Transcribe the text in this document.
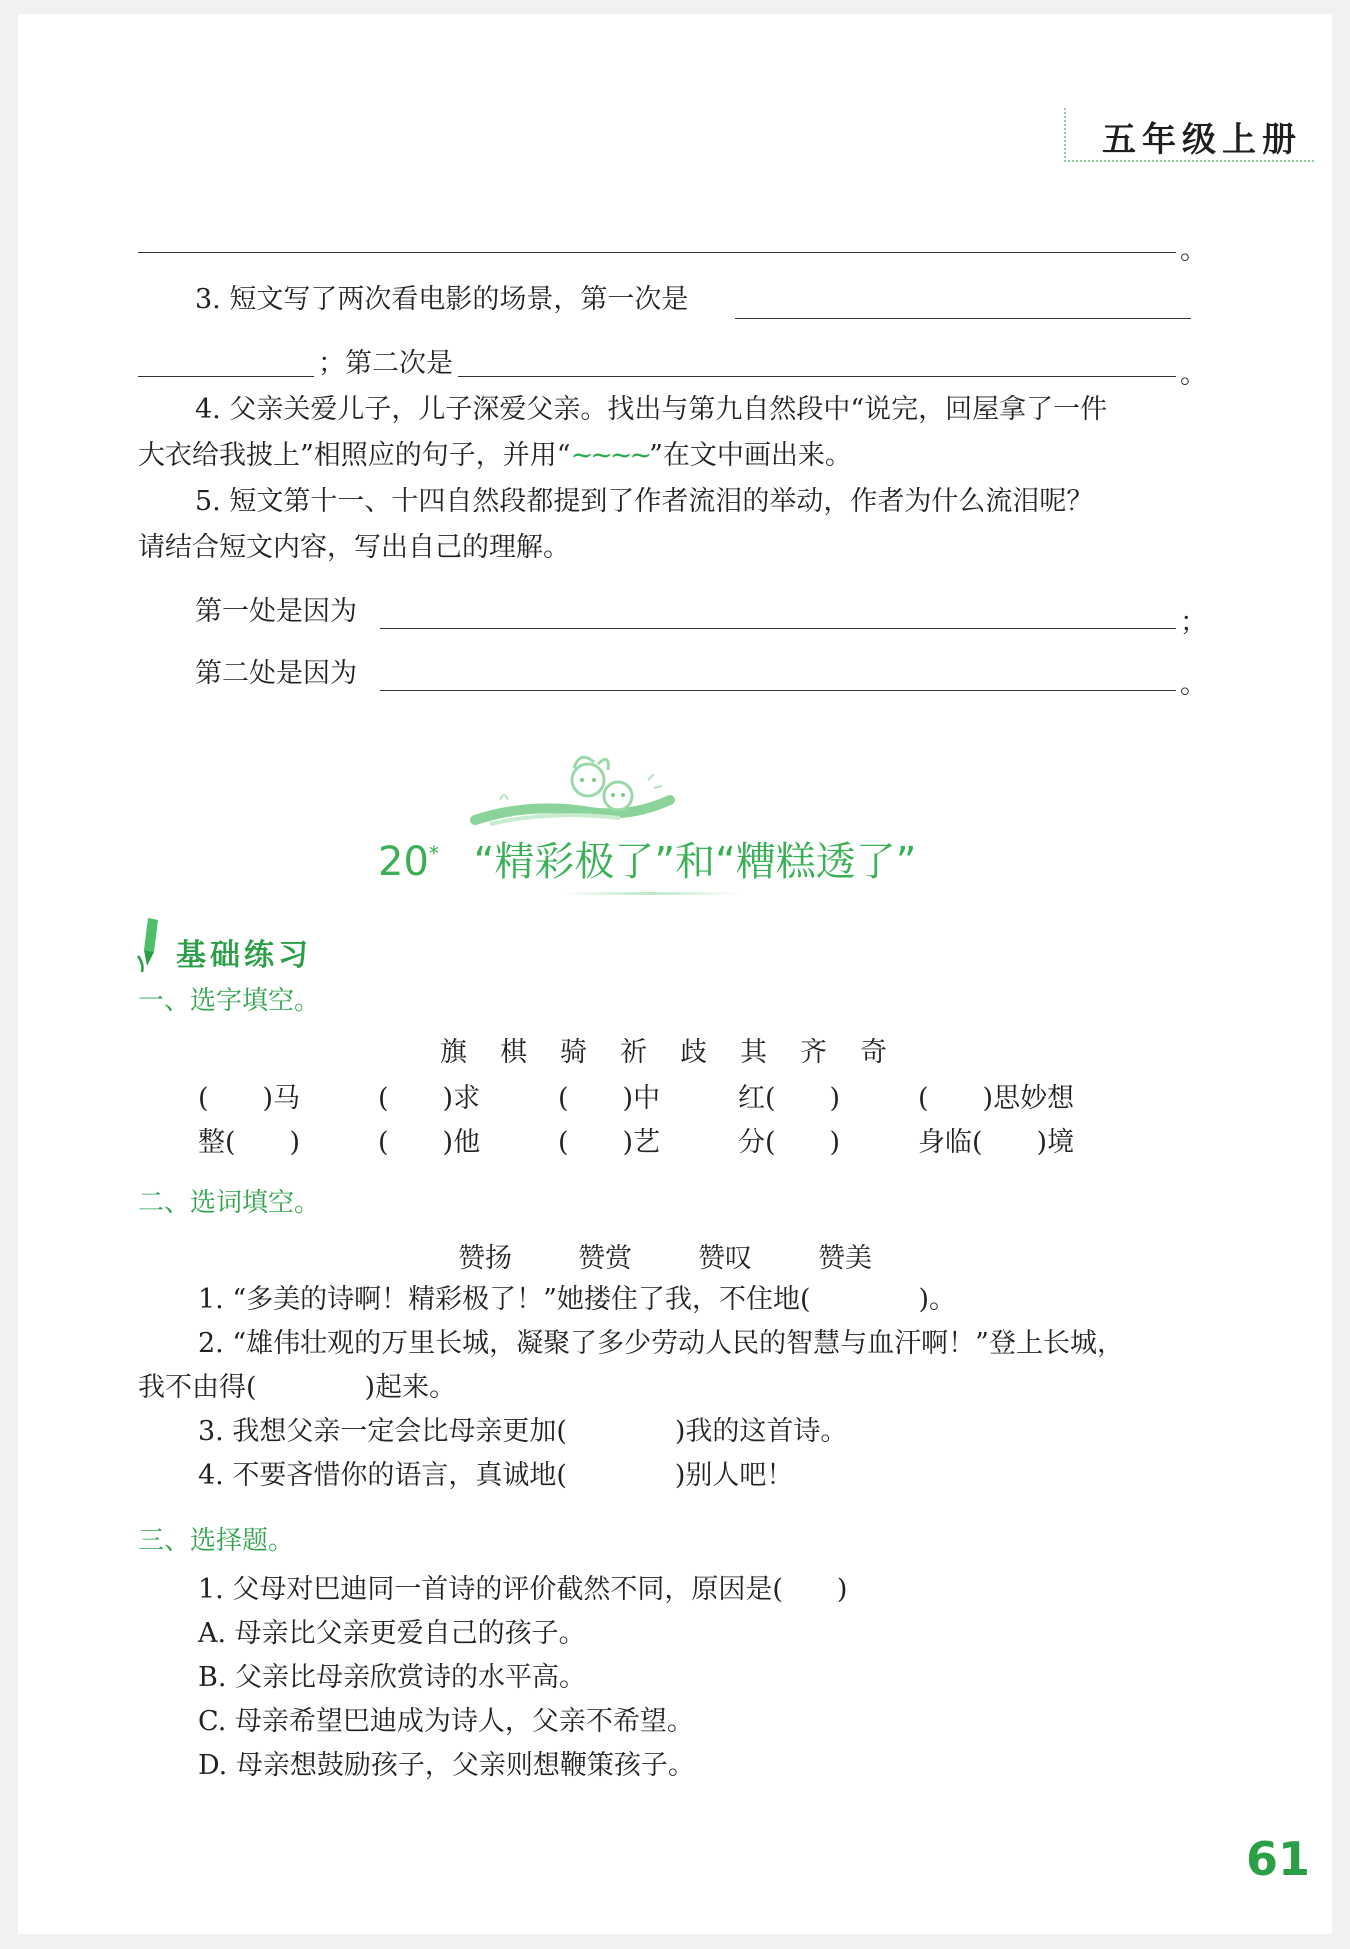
五年级上册
。
3. 短文写了两次看电影的场景，第一次是
；第二次是	。
4. 父亲关爱儿子，儿子深爱父亲。找出与第九自然段中“说完，回屋拿了一件
大衣给我披上”相照应的句子，并用“~~~~”在文中画出来。
5. 短文第十一、十四自然段都提到了作者流泪的举动，作者为什么流泪呢？
请结合短文内容，写出自己的理解。
第一处是因为	；
第二处是因为	。
20* “精彩极了”和“糟糕透了”
基础练习
一、选字填空。
旗 棋 骑 祈 歧 其 齐 奇
(　　)马	(　　)求	(　　)中	红(　　)	(　　)思妙想
整(　　)	(　　)他	(　　)艺	分(　　)	身临(　　)境
二、选词填空。
赞扬 赞赏 赞叹 赞美
1. “多美的诗啊！精彩极了！”她搂住了我，不住地(　　　　)。
2. “雄伟壮观的万里长城，凝聚了多少劳动人民的智慧与血汗啊！”登上长城，
我不由得(　　　　)起来。
3. 我想父亲一定会比母亲更加(　　　　)我的这首诗。
4. 不要吝惜你的语言，真诚地(　　　　)别人吧！
三、选择题。
1. 父母对巴迪同一首诗的评价截然不同，原因是(　　)
A. 母亲比父亲更爱自己的孩子。
B. 父亲比母亲欣赏诗的水平高。
C. 母亲希望巴迪成为诗人，父亲不希望。
D. 母亲想鼓励孩子，父亲则想鞭策孩子。
61
